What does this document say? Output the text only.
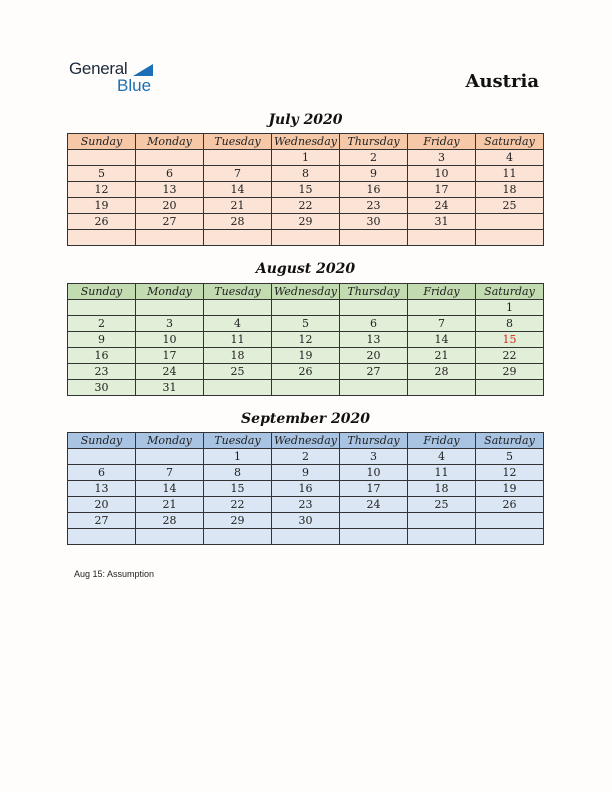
General
Blue	Austria
July 2020
Sunday	Monday	Tuesday	Wednesday	Thursday	Friday	Saturday
			1	2	3	4
5	6	7	8	9	10	11
12	13	14	15	16	17	18
19	20	21	22	23	24	25
26	27	28	29	30	31	

August 2020
Sunday	Monday	Tuesday	Wednesday	Thursday	Friday	Saturday
						1
2	3	4	5	6	7	8
9	10	11	12	13	14	15
16	17	18	19	20	21	22
23	24	25	26	27	28	29
30	31					
September 2020
Sunday	Monday	Tuesday	Wednesday	Thursday	Friday	Saturday
		1	2	3	4	5
6	7	8	9	10	11	12
13	14	15	16	17	18	19
20	21	22	23	24	25	26
27	28	29	30			

Aug 15: Assumption
